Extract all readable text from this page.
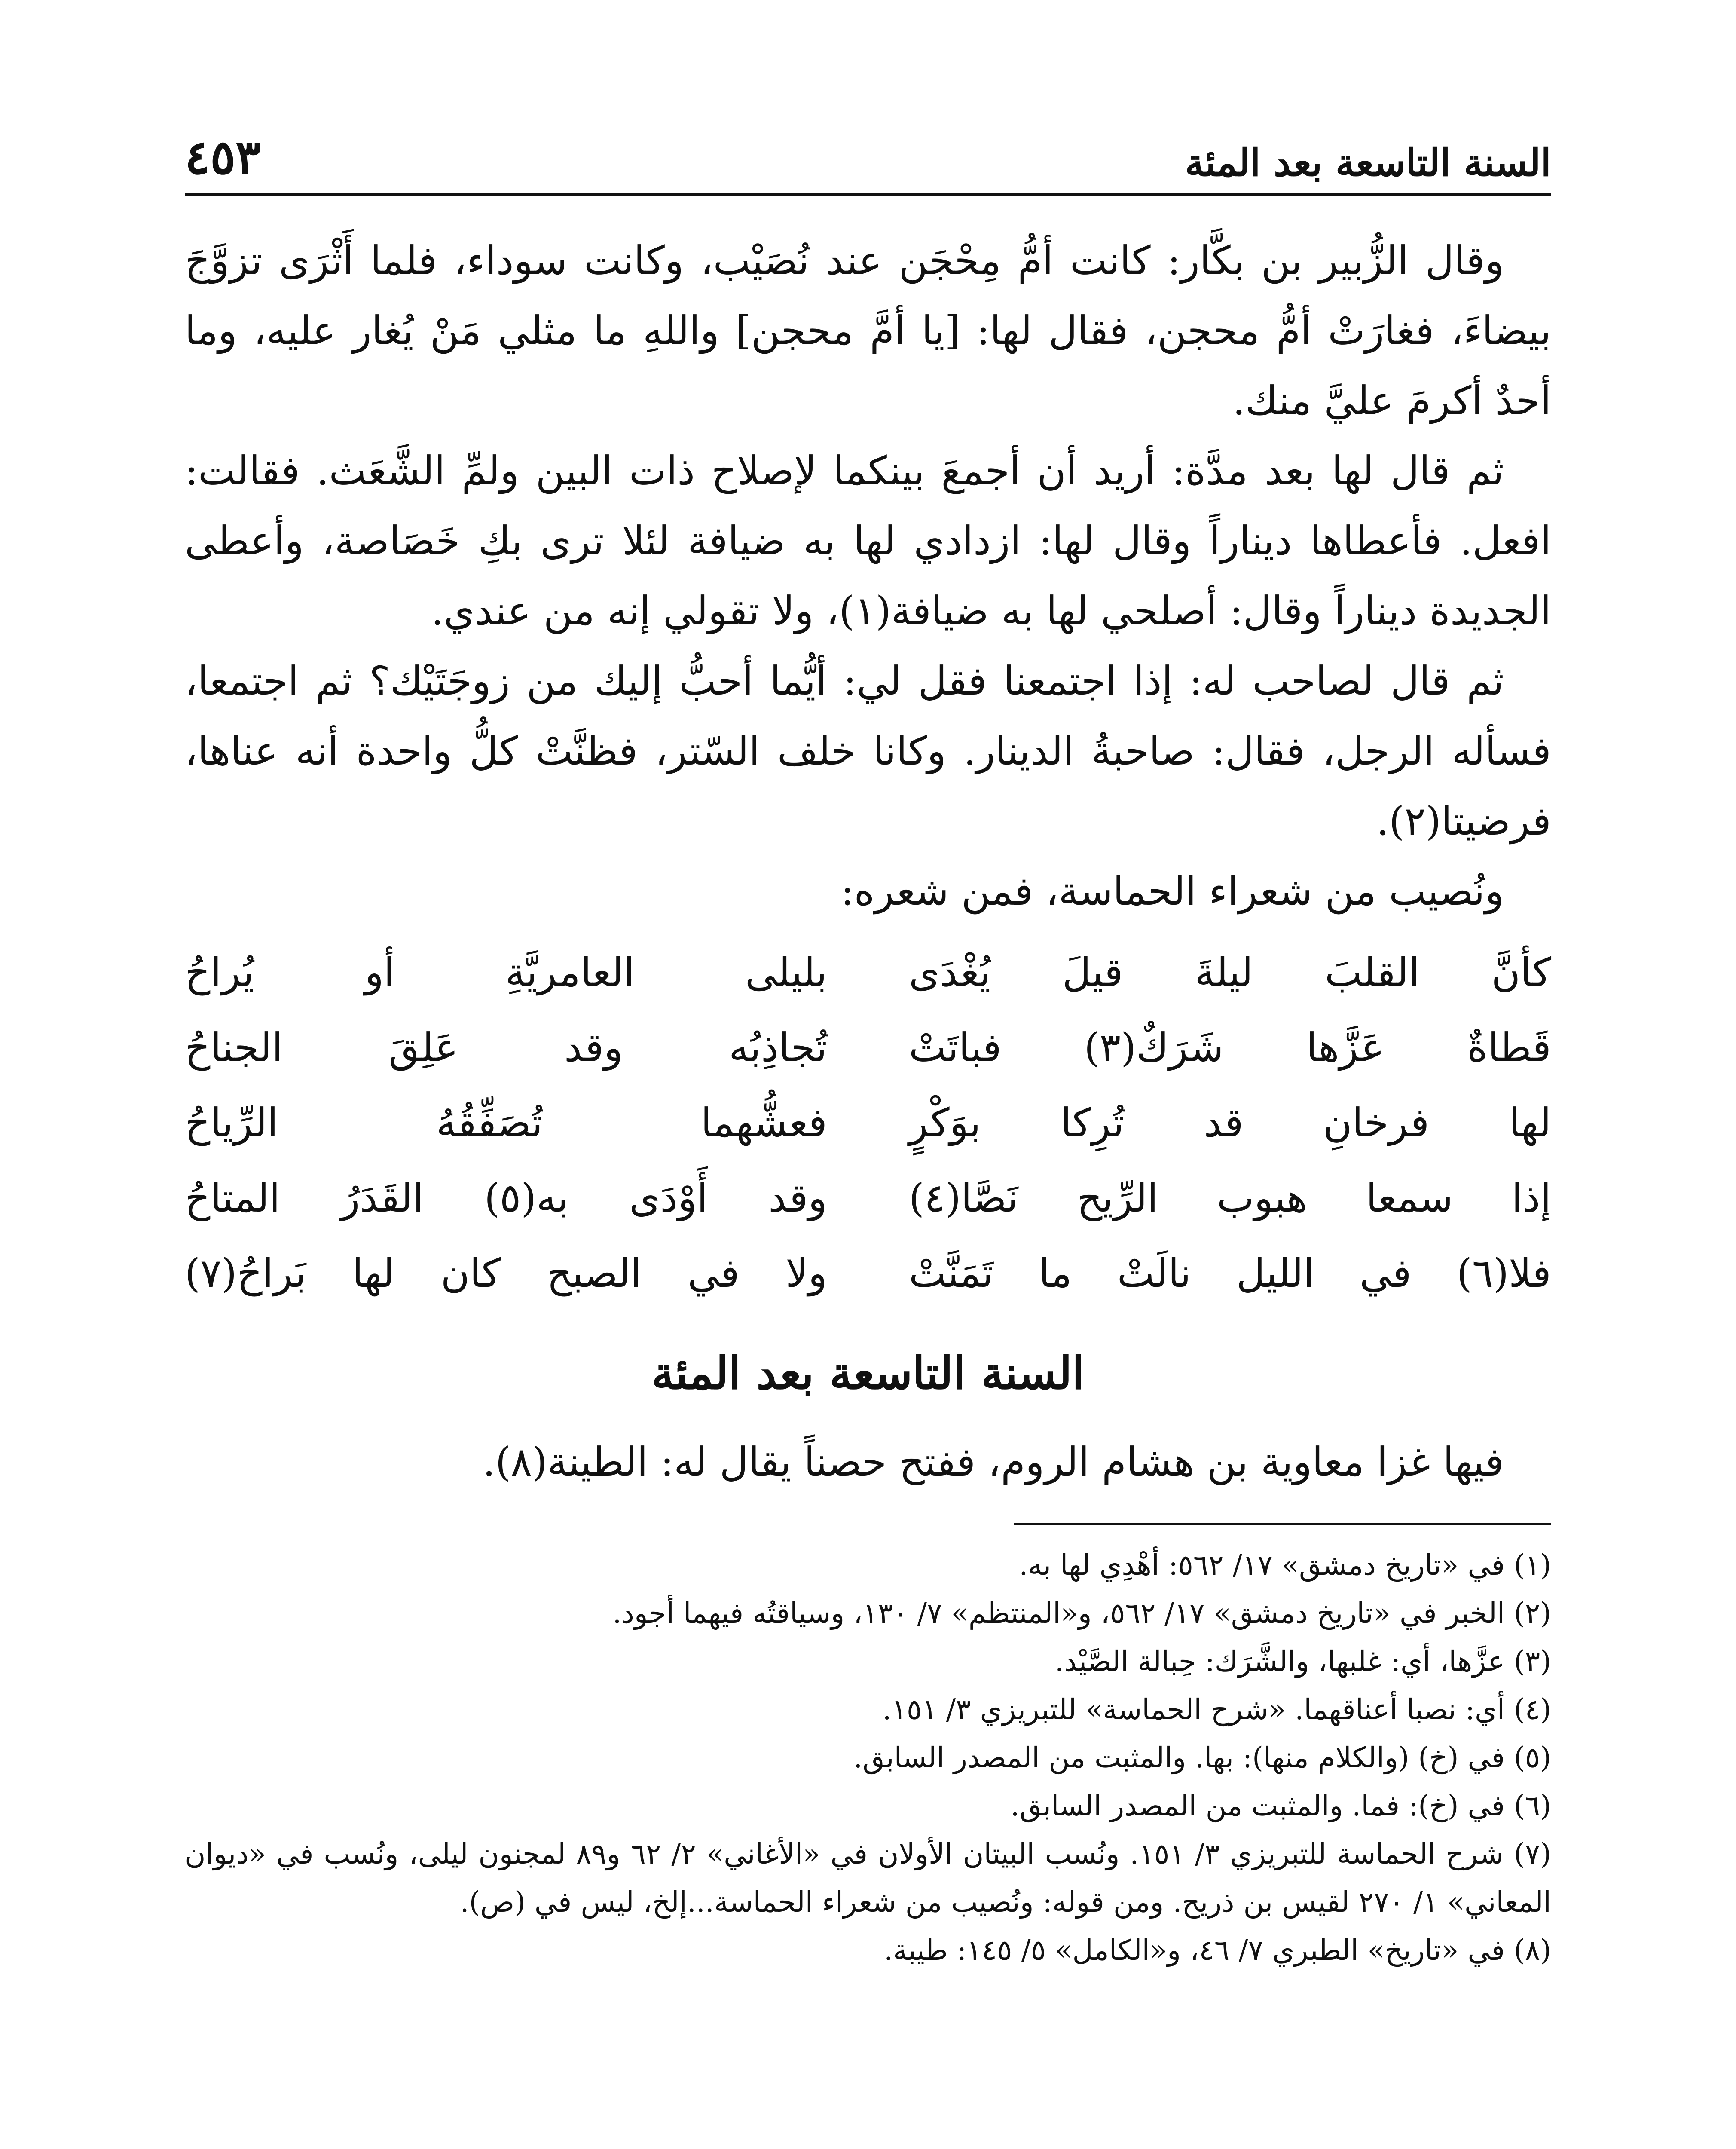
السنة التاسعة بعد المئة
٤٥٣

وقال الزُّبير بن بكَّار: كانت أمُّ مِحْجَن عند نُصَيْب، وكانت سوداء، فلما أَثْرَى تزوَّجَ بيضاءَ، فغارَتْ أمُّ محجن، فقال لها: [يا أمَّ محجن] واللهِ ما مثلي مَنْ يُغار عليه، وما أحدٌ أكرمَ عليَّ منك.

ثم قال لها بعد مدَّة: أريد أن أجمعَ بينكما لإصلاح ذات البين ولمِّ الشَّعَث. فقالت: افعل. فأعطاها ديناراً وقال لها: ازدادي لها به ضيافة لئلا ترى بكِ خَصَاصة، وأعطى الجديدة ديناراً وقال: أصلحي لها به ضيافة(١)، ولا تقولي إنه من عندي.

ثم قال لصاحب له: إذا اجتمعنا فقل لي: أيُّما أحبُّ إليك من زوجَتَيْك؟ ثم اجتمعا، فسأله الرجل، فقال: صاحبةُ الدينار. وكانا خلف السّتر، فظنَّتْ كلُّ واحدة أنه عناها، فرضيتا(٢).

ونُصيب من شعراء الحماسة، فمن شعره:

كأنَّ القلبَ ليلةَ قيلَ يُغْدَى
بليلى العامريَّةِ أو يُراحُ
قَطاةٌ عَزَّها شَرَكٌ(٣) فباتَتْ
تُجاذِبُه وقد عَلِقَ الجناحُ
لها فرخانِ قد تُرِكا بوَكْرٍ
فعشُّهما تُصَفِّقُهُ الرِّياحُ
إذا سمعا هبوب الرِّيح نَصَّا(٤)
وقد أَوْدَى به(٥) القَدَرُ المتاحُ
فلا(٦) في الليل نالَتْ ما تَمَنَّتْ
ولا في الصبح كان لها بَراحُ(٧)
السنة التاسعة بعد المئة

فيها غزا معاوية بن هشام الروم، ففتح حصناً يقال له: الطينة(٨).

(١) في «تاريخ دمشق» ١٧/ ٥٦٢: أهْدِي لها به.

(٢) الخبر في «تاريخ دمشق» ١٧/ ٥٦٢، و«المنتظم» ٧/ ١٣٠، وسياقتُه فيهما أجود.

(٣) عزَّها، أي: غلبها، والشَّرَك: حِبالة الصَّيْد.

(٤) أي: نصبا أعناقهما. «شرح الحماسة» للتبريزي ٣/ ١٥١.

(٥) في (خ) (والكلام منها): بها. والمثبت من المصدر السابق.

(٦) في (خ): فما. والمثبت من المصدر السابق.

(٧) شرح الحماسة للتبريزي ٣/ ١٥١. ونُسب البيتان الأولان في «الأغاني» ٢/ ٦٢ و٨٩ لمجنون ليلى، ونُسب في «ديوان المعاني» ١/ ٢٧٠ لقيس بن ذريح. ومن قوله: ونُصيب من شعراء الحماسة...إلخ، ليس في (ص).

(٨) في «تاريخ» الطبري ٧/ ٤٦، و«الكامل» ٥/ ١٤٥: طيبة.
